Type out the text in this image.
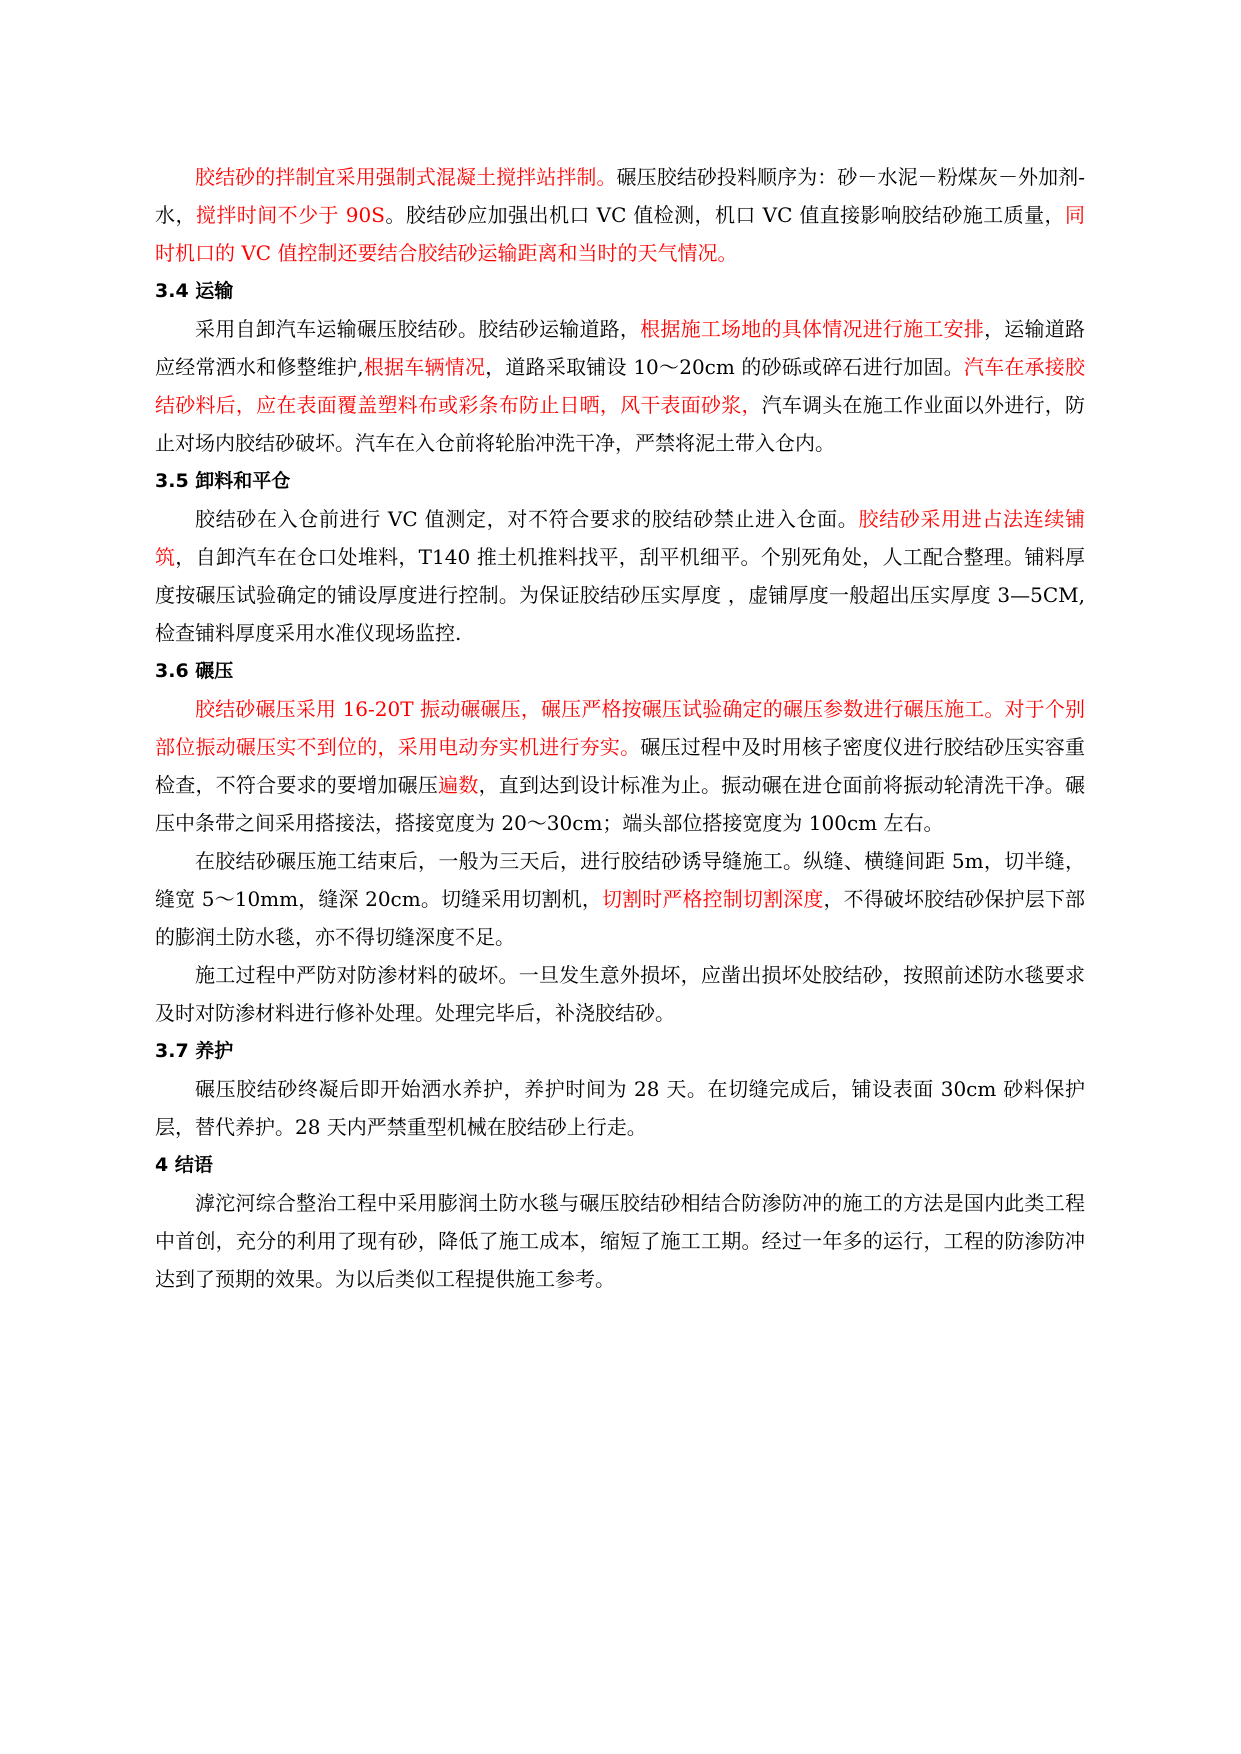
胶结砂的拌制宜采用强制式混凝土搅拌站拌制。碾压胶结砂投料顺序为：砂－水泥－粉煤灰－外加剂-水，搅拌时间不少于 90S。胶结砂应加强出机口 VC 值检测，机口 VC 值直接影响胶结砂施工质量，同时机口的 VC 值控制还要结合胶结砂运输距离和当时的天气情况。

3.4 运输

采用自卸汽车运输碾压胶结砂。胶结砂运输道路，根据施工场地的具体情况进行施工安排，运输道路应经常洒水和修整维护,根据车辆情况，道路采取铺设 10～20cm 的砂砾或碎石进行加固。汽车在承接胶结砂料后，应在表面覆盖塑料布或彩条布防止日晒，风干表面砂浆，汽车调头在施工作业面以外进行，防止对场内胶结砂破坏。汽车在入仓前将轮胎冲洗干净，严禁将泥土带入仓内。

3.5 卸料和平仓

胶结砂在入仓前进行 VC 值测定，对不符合要求的胶结砂禁止进入仓面。胶结砂采用进占法连续铺筑，自卸汽车在仓口处堆料，T140 推土机推料找平，刮平机细平。个别死角处，人工配合整理。铺料厚度按碾压试验确定的铺设厚度进行控制。为保证胶结砂压实厚度 ，虚铺厚度一般超出压实厚度 3—5CM,检查铺料厚度采用水准仪现场监控.

3.6 碾压

胶结砂碾压采用 16-20T 振动碾碾压，碾压严格按碾压试验确定的碾压参数进行碾压施工。对于个别部位振动碾压实不到位的，采用电动夯实机进行夯实。碾压过程中及时用核子密度仪进行胶结砂压实容重检查，不符合要求的要增加碾压遍数，直到达到设计标准为止。振动碾在进仓面前将振动轮清洗干净。碾压中条带之间采用搭接法，搭接宽度为 20～30cm；端头部位搭接宽度为 100cm 左右。

在胶结砂碾压施工结束后，一般为三天后，进行胶结砂诱导缝施工。纵缝、横缝间距 5m，切半缝，缝宽 5～10mm，缝深 20cm。切缝采用切割机，切割时严格控制切割深度，不得破坏胶结砂保护层下部的膨润土防水毯，亦不得切缝深度不足。

施工过程中严防对防渗材料的破坏。一旦发生意外损坏，应凿出损坏处胶结砂，按照前述防水毯要求及时对防渗材料进行修补处理。处理完毕后，补浇胶结砂。

3.7 养护

碾压胶结砂终凝后即开始洒水养护，养护时间为 28 天。在切缝完成后，铺设表面 30cm 砂料保护层，替代养护。28 天内严禁重型机械在胶结砂上行走。

4 结语

滹沱河综合整治工程中采用膨润土防水毯与碾压胶结砂相结合防渗防冲的施工的方法是国内此类工程中首创，充分的利用了现有砂，降低了施工成本，缩短了施工工期。经过一年多的运行，工程的防渗防冲达到了预期的效果。为以后类似工程提供施工参考。
